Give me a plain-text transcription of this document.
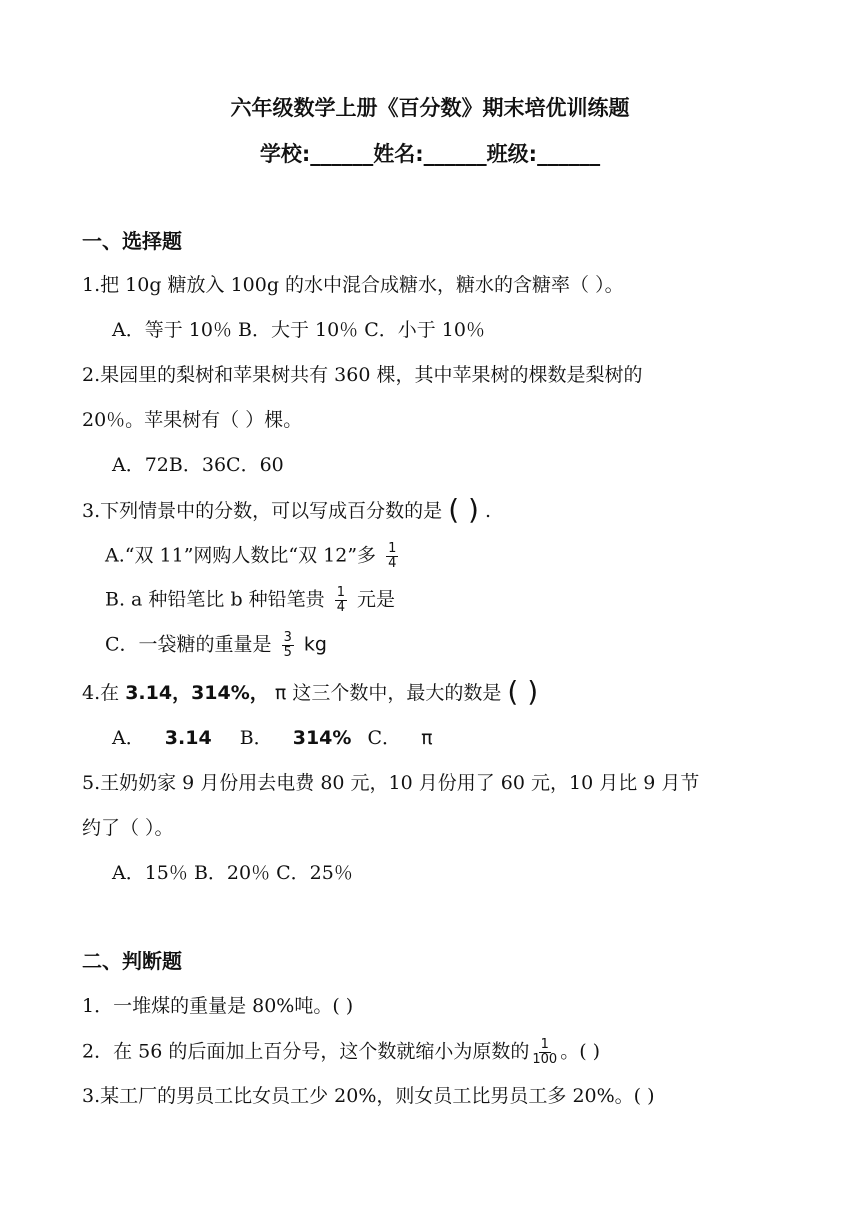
六年级数学上册《百分数》期末培优训练题
学校:______姓名:______班级:______
一、选择题
1.把 10g 糖放入 100g 的水中混合成糖水，糖水的含糖率（ ）。
A．等于 10％ B．大于 10％ C．小于 10％
2.果园里的梨树和苹果树共有 360 棵，其中苹果树的棵数是梨树的
20％。苹果树有（ ）棵。
A．72B．36C．60
3.下列情景中的分数，可以写成百分数的是 ( ) .
A.“双 11”网购人数比“双 12”多 $\frac{1}{4}$
B. a 种铅笔比 b 种铅笔贵 $\frac{1}{4}$ 元是
C．一袋糖的重量是 $\frac{3}{5}$ kg
4.在 3.14，314%， π 这三个数中，最大的数是 ( )
A． 3.14 B． 314% C． π
5.王奶奶家 9 月份用去电费 80 元，10 月份用了 60 元，10 月比 9 月节
约了（ ）。
A．15％ B．20％ C．25％
二、判断题
1．一堆煤的重量是 80%吨。( )
2．在 56 的后面加上百分号，这个数就缩小为原数的 $\frac{1}{100}$ 。( )
3.某工厂的男员工比女员工少 20%，则女员工比男员工多 20%。( )
